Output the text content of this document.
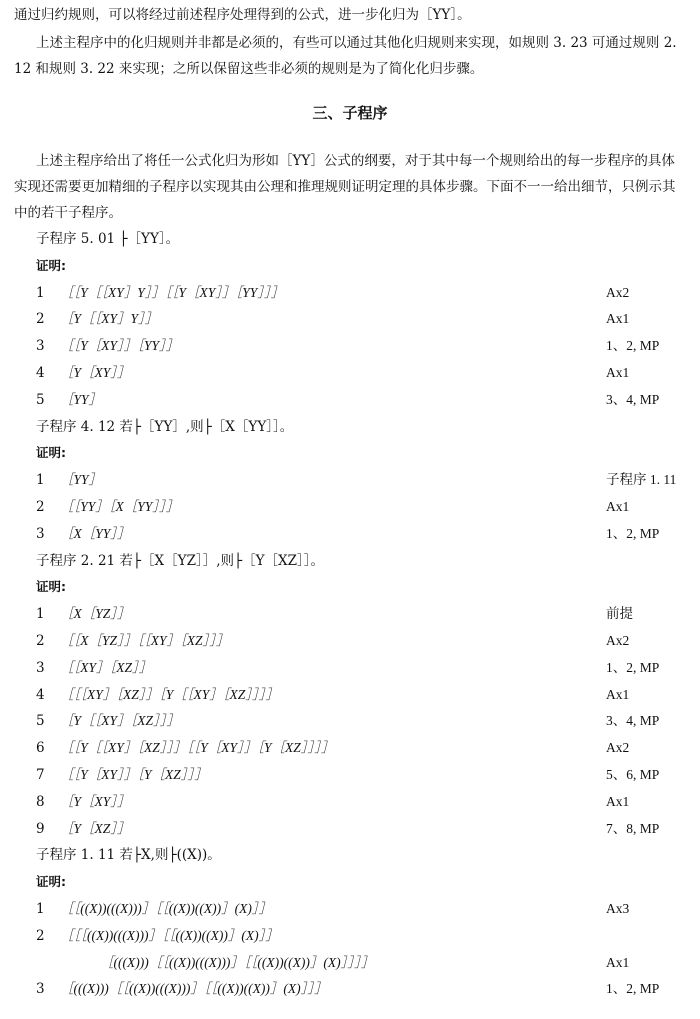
通过归约规则，可以将经过前述程序处理得到的公式，进一步化归为［YY］。
上述主程序中的化归规则并非都是必须的，有些可以通过其他化归规则来实现，如规则 3. 23 可通过规则 2. 12 和规则 3. 22 来实现；之所以保留这些非必须的规则是为了简化化归步骤。
三、子程序
上述主程序给出了将任一公式化归为形如［YY］公式的纲要，对于其中每一个规则给出的每一步程序的具体实现还需要更加精细的子程序以实现其由公理和推理规则证明定理的具体步骤。下面不一一给出细节，只例示其中的若干子程序。
子程序 5. 01 ├［YY］。
证明:
1	［［Y［［XY］Y］］［［Y［XY］］［YY］］］	Ax2
2	［Y［［XY］Y］］	Ax1
3	［［Y［XY］］［YY］］	1、2, MP
4	［Y［XY］］	Ax1
5	［YY］	3、4, MP
子程序 4. 12 若├［YY］,则├［X［YY］］。
证明:
1	［YY］	子程序 1. 11
2	［［YY］［X［YY］］］	Ax1
3	［X［YY］］	1、2, MP
子程序 2. 21 若├［X［YZ］］,则├［Y［XZ］］。
证明:
1	［X［YZ］］	前提
2	［［X［YZ］］［［XY］［XZ］］］	Ax2
3	［［XY］［XZ］］	1、2, MP
4	［［［XY］［XZ］］［Y［［XY］［XZ］］］］	Ax1
5	［Y［［XY］［XZ］］］	3、4, MP
6	［［Y［［XY］［XZ］］］［［Y［XY］］［Y［XZ］］］］	Ax2
7	［［Y［XY］］［Y［XZ］］］	5、6, MP
8	［Y［XY］］	Ax1
9	［Y［XZ］］	7、8, MP
子程序 1. 11 若├X,则├((X))。
证明:
1	［［((X))(((X)))］［［((X))((X))］(X)］］	Ax3
2	［［［((X))(((X)))］［［((X))((X))］(X)］］
［(((X)))［［((X))(((X)))］［［((X))((X))］(X)］］］］	Ax1
3	［(((X)))［［((X))(((X)))］［［((X))((X))］(X)］］］	1、2, MP
